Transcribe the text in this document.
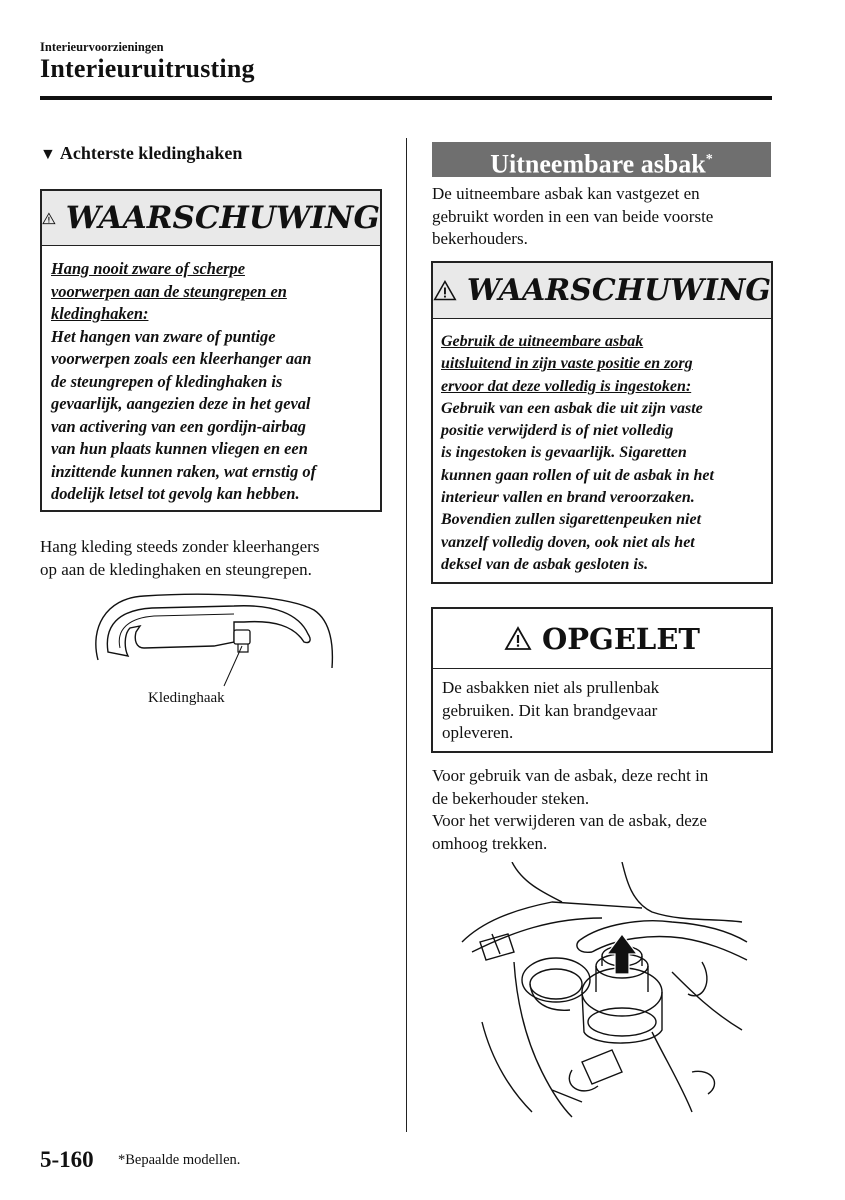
Interieurvoorzieningen
Interieuruitrusting
▼ Achterste kledinghaken
WAARSCHUWING
Hang nooit zware of scherpe
voorwerpen aan de steungrepen en
kledinghaken:
Het hangen van zware of puntige
voorwerpen zoals een kleerhanger aan
de steungrepen of kledinghaken is
gevaarlijk, aangezien deze in het geval
van activering van een gordijn-airbag
van hun plaats kunnen vliegen en een
inzittende kunnen raken, wat ernstig of
dodelijk letsel tot gevolg kan hebben.
Hang kleding steeds zonder kleerhangers
op aan de kledinghaken en steungrepen.
Kledinghaak
Uitneembare asbak*
De uitneembare asbak kan vastgezet en
gebruikt worden in een van beide voorste
bekerhouders.
WAARSCHUWING
Gebruik de uitneembare asbak
uitsluitend in zijn vaste positie en zorg
ervoor dat deze volledig is ingestoken:
Gebruik van een asbak die uit zijn vaste
positie verwijderd is of niet volledig
is ingestoken is gevaarlijk. Sigaretten
kunnen gaan rollen of uit de asbak in het
interieur vallen en brand veroorzaken.
Bovendien zullen sigarettenpeuken niet
vanzelf volledig doven, ook niet als het
deksel van de asbak gesloten is.
OPGELET
De asbakken niet als prullenbak
gebruiken. Dit kan brandgevaar
opleveren.
Voor gebruik van de asbak, deze recht in
de bekerhouder steken.
Voor het verwijderen van de asbak, deze
omhoog trekken.
5-160 *Bepaalde modellen.
